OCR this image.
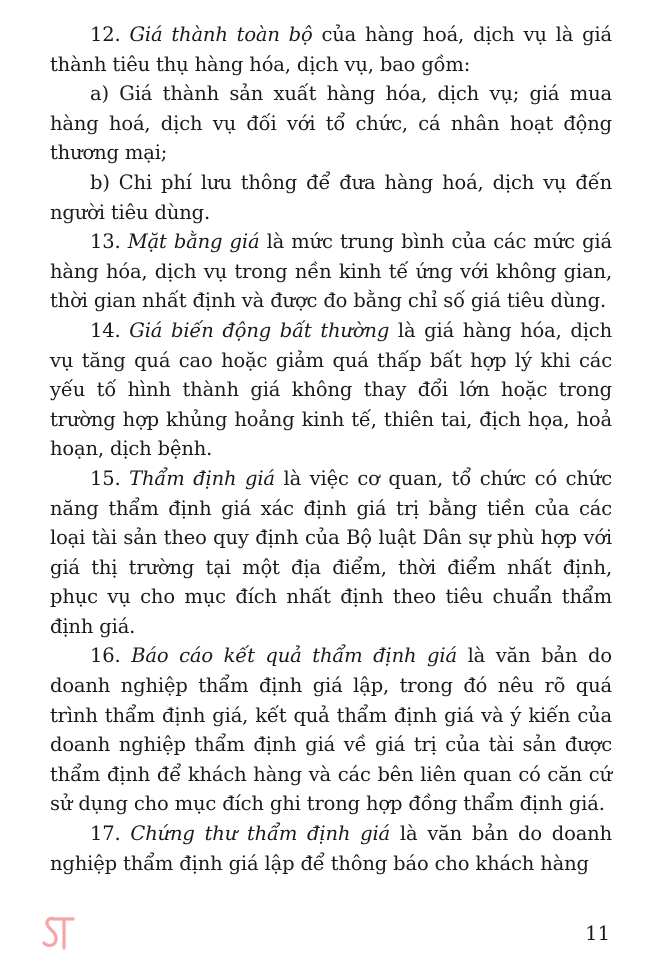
12. Giá thành toàn bộ của hàng hoá, dịch vụ là giá thành tiêu thụ hàng hóa, dịch vụ, bao gồm:

a) Giá thành sản xuất hàng hóa, dịch vụ; giá mua hàng hoá, dịch vụ đối với tổ chức, cá nhân hoạt động thương mại;

b) Chi phí lưu thông để đưa hàng hoá, dịch vụ đến người tiêu dùng.

13. Mặt bằng giá là mức trung bình của các mức giá hàng hóa, dịch vụ trong nền kinh tế ứng với không gian, thời gian nhất định và được đo bằng chỉ số giá tiêu dùng.

14. Giá biến động bất thường là giá hàng hóa, dịch vụ tăng quá cao hoặc giảm quá thấp bất hợp lý khi các yếu tố hình thành giá không thay đổi lớn hoặc trong trường hợp khủng hoảng kinh tế, thiên tai, địch họa, hoả hoạn, dịch bệnh.

15. Thẩm định giá là việc cơ quan, tổ chức có chức năng thẩm định giá xác định giá trị bằng tiền của các loại tài sản theo quy định của Bộ luật Dân sự phù hợp với giá thị trường tại một địa điểm, thời điểm nhất định, phục vụ cho mục đích nhất định theo tiêu chuẩn thẩm định giá.

16. Báo cáo kết quả thẩm định giá là văn bản do doanh nghiệp thẩm định giá lập, trong đó nêu rõ quá trình thẩm định giá, kết quả thẩm định giá và ý kiến của doanh nghiệp thẩm định giá về giá trị của tài sản được thẩm định để khách hàng và các bên liên quan có căn cứ sử dụng cho mục đích ghi trong hợp đồng thẩm định giá.

17. Chứng thư thẩm định giá là văn bản do doanh nghiệp thẩm định giá lập để thông báo cho khách hàng

11
